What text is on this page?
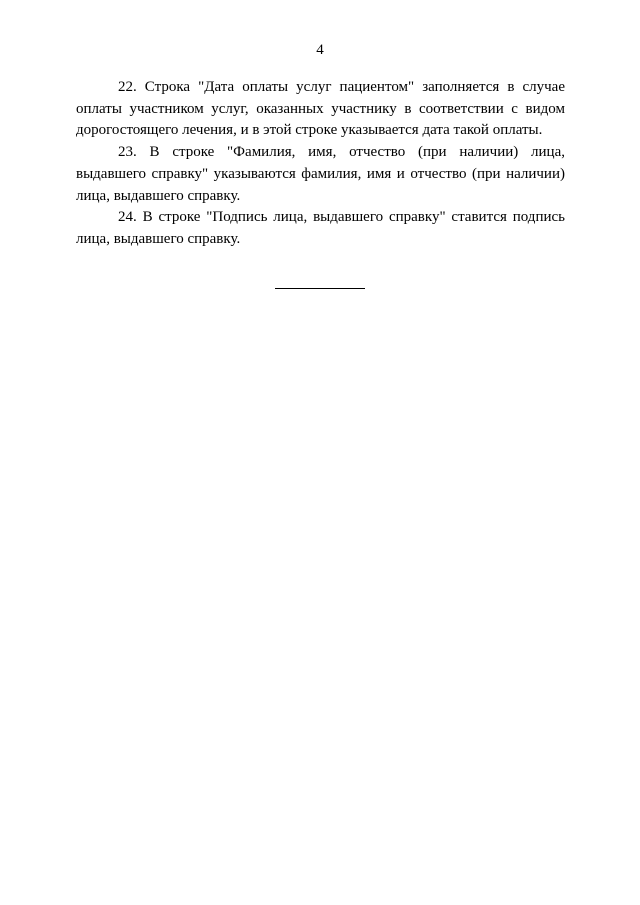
4

22. Строка "Дата оплаты услуг пациентом" заполняется в случае оплаты участником услуг, оказанных участнику в соответствии с видом дорогостоящего лечения, и в этой строке указывается дата такой оплаты.

23. В строке "Фамилия, имя, отчество (при наличии) лица, выдавшего справку" указываются фамилия, имя и отчество (при наличии) лица, выдавшего справку.

24. В строке "Подпись лица, выдавшего справку" ставится подпись лица, выдавшего справку.
